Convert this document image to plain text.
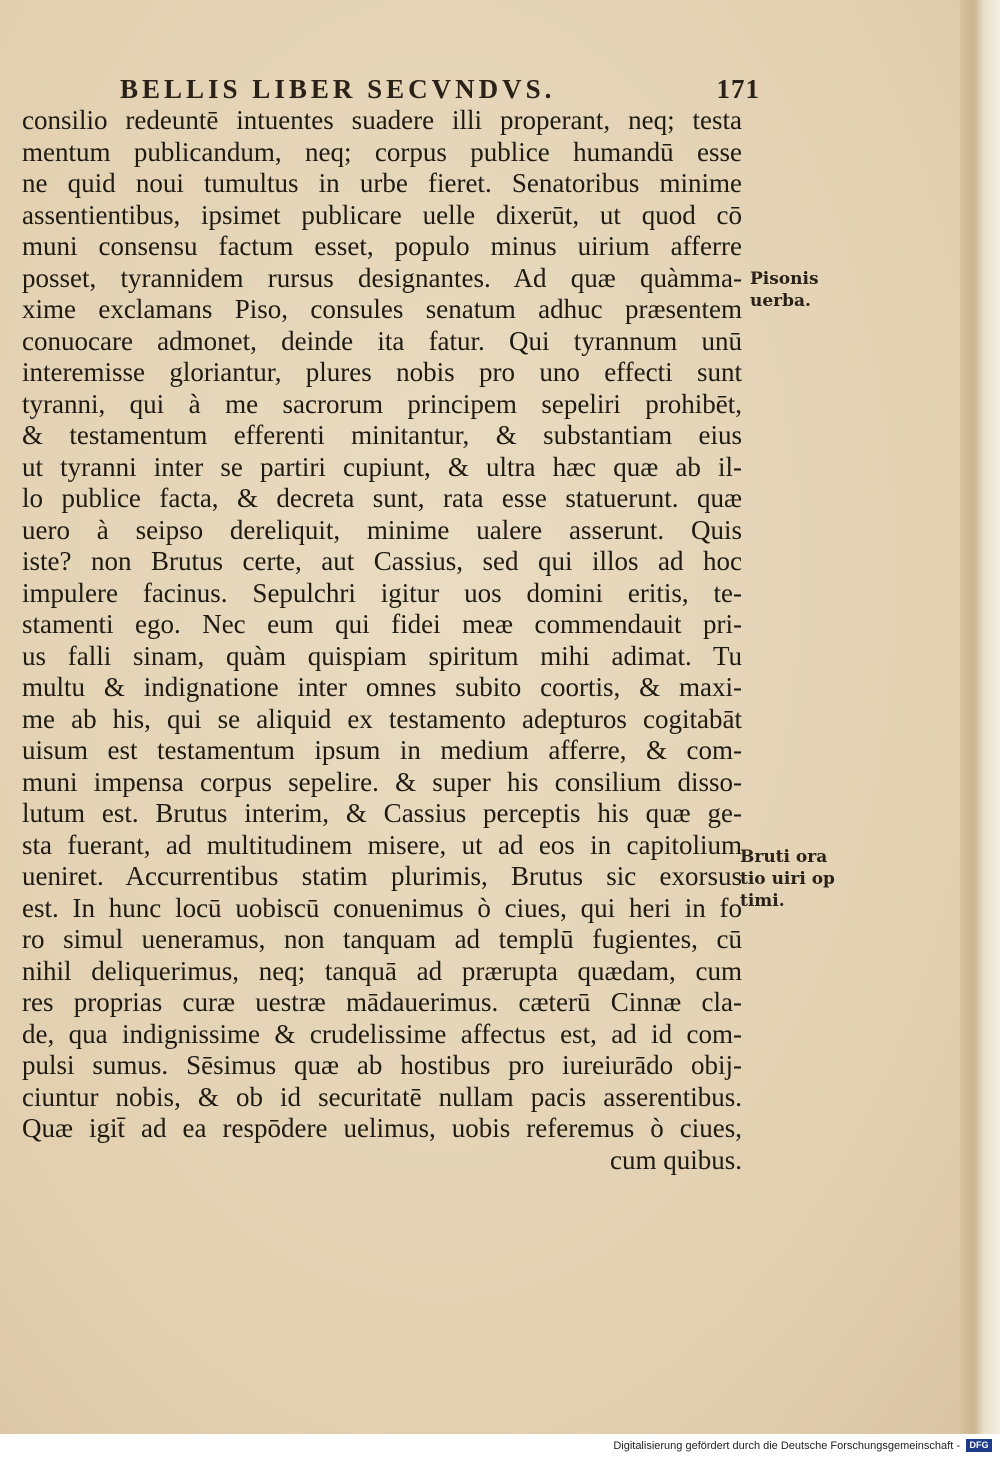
BELLIS LIBER SECVNDVS.	171
consilio redeuntē intuentes suadere illi properant, neq; testa
mentum publicandum, neq; corpus publice humandū esse
ne quid noui tumultus in urbe fieret. Senatoribus minime
assentientibus, ipsimet publicare uelle dixerūt, ut quod cō
muni consensu factum esset, populo minus uirium afferre
posset, tyrannidem rursus designantes. Ad quæ quàmma-
xime exclamans Piso, consules senatum adhuc præsentem
conuocare admonet, deinde ita fatur. Qui tyrannum unū
interemisse gloriantur, plures nobis pro uno effecti sunt
tyranni, qui à me sacrorum principem sepeliri prohibēt,
& testamentum efferenti minitantur, & substantiam eius
ut tyranni inter se partiri cupiunt, & ultra hæc quæ ab il-
lo publice facta, & decreta sunt, rata esse statuerunt. quæ
uero à seipso dereliquit, minime ualere asserunt. Quis
iste? non Brutus certe, aut Cassius, sed qui illos ad hoc
impulere facinus. Sepulchri igitur uos domini eritis, te-
stamenti ego. Nec eum qui fidei meæ commendauit pri-
us falli sinam, quàm quispiam spiritum mihi adimat. Tu
multu & indignatione inter omnes subito coortis, & maxi-
me ab his, qui se aliquid ex testamento adepturos cogitabāt
uisum est testamentum ipsum in medium afferre, & com-
muni impensa corpus sepelire. & super his consilium disso-
lutum est. Brutus interim, & Cassius perceptis his quæ ge-
sta fuerant, ad multitudinem misere, ut ad eos in capitolium
ueniret. Accurrentibus statim plurimis, Brutus sic exorsus
est. In hunc locū uobiscū conuenimus ò ciues, qui heri in fo
ro simul ueneramus, non tanquam ad templū fugientes, cū
nihil deliquerimus, neq; tanquā ad prærupta quædam, cum
res proprias curæ uestræ mādauerimus. cæterū Cinnæ cla-
de, qua indignissime & crudelissime affectus est, ad id com-
pulsi sumus. Sēsimus quæ ab hostibus pro iureiurādo obij-
ciuntur nobis, & ob id securitatē nullam pacis asserentibus.
Quæ igit̄ ad ea respōdere uelimus, uobis referemus ò ciues,
cum quibus.
Pisonis
uerba.
Bruti ora
tio uiri op
timi.
Digitalisierung gefördert durch die Deutsche Forschungsgemeinschaft -	DFG
